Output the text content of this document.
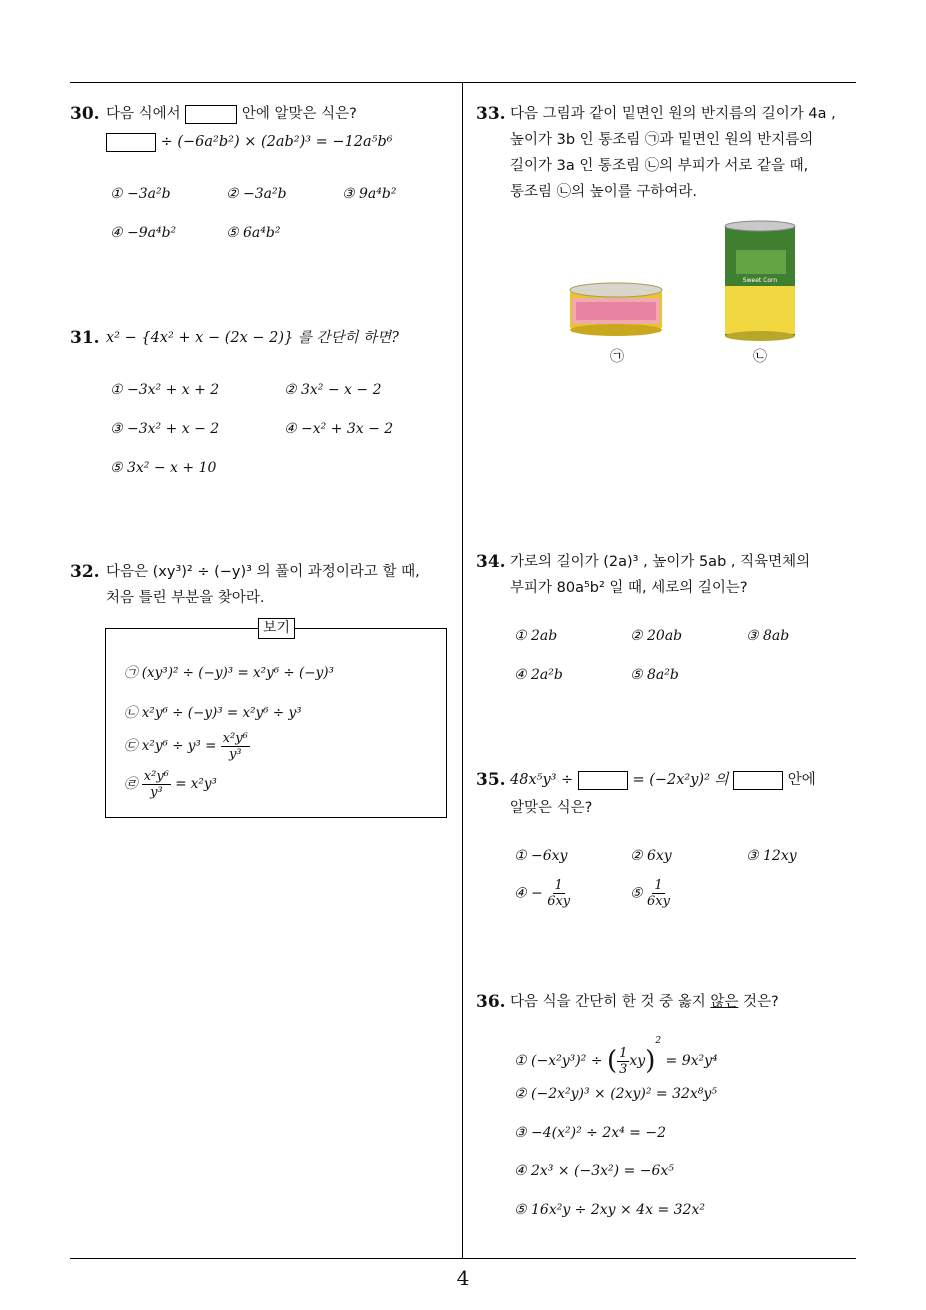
30. 다음 식에서	안에 알맞은 식은?
÷ (−6a²b²) × (2ab²)³ = −12a⁵b⁶
① −3a²b	② −3a²b	③ 9a⁴b²
④ −9a⁴b²	⑤ 6a⁴b²
31. x² − {4x² + x − (2x − 2)} 를 간단히 하면?
① −3x² + x + 2	② 3x² − x − 2
③ −3x² + x − 2	④ −x² + 3x − 2
⑤ 3x² − x + 10
32. 다음은 (xy³)² ÷ (−y)³ 의 풀이 과정이라고 할 때,
처음 틀린 부분을 찾아라.
보기
㉠ (xy³)² ÷ (−y)³ = x²y⁶ ÷ (−y)³
㉡ x²y⁶ ÷ (−y)³ = x²y⁶ ÷ y³
㉢ $x^2y^6 \div y^3 = \frac{\text{x²y⁶}}{\text{y³}}$
㉣ $\frac{\text{x²y⁶}}{\text{y³}} = x^2y^3$
33. 다음 그림과 같이 밑면인 원의 반지름의 길이가 4a ,
높이가 3b 인 통조림 ㉠과 밑면인 원의 반지름의
길이가 3a 인 통조림 ㉡의 부피가 서로 같을 때,
통조림 ㉡의 높이를 구하여라.
㉠
Sweet Corn
㉡
34. 가로의 길이가 (2a)³ , 높이가 5ab , 직육면체의
부피가 80a⁵b² 일 때, 세로의 길이는?
① 2ab	② 20ab	③ 8ab
④ 2a²b	⑤ 8a²b
35. 48x⁵y³ ÷	= (−2x²y)² 의	안에
알맞은 식은?
① −6xy	② 6xy	③ 12xy
④ − $\frac{1}{6xy}$	⑤ $\frac{1}{6xy}$
36. 다음 식을 간단히 한 것 중 옳지 않은 것은?
① (−x²y³)² ÷ ( $\frac{1}{3} xy)^2 = 9x^2y^4$
② (−2x²y)³ × (2xy)² = 32x⁸y⁵
③ −4(x²)² ÷ 2x⁴ = −2
④ 2x³ × (−3x²) = −6x⁵
⑤ 16x²y ÷ 2xy × 4x = 32x²
4
